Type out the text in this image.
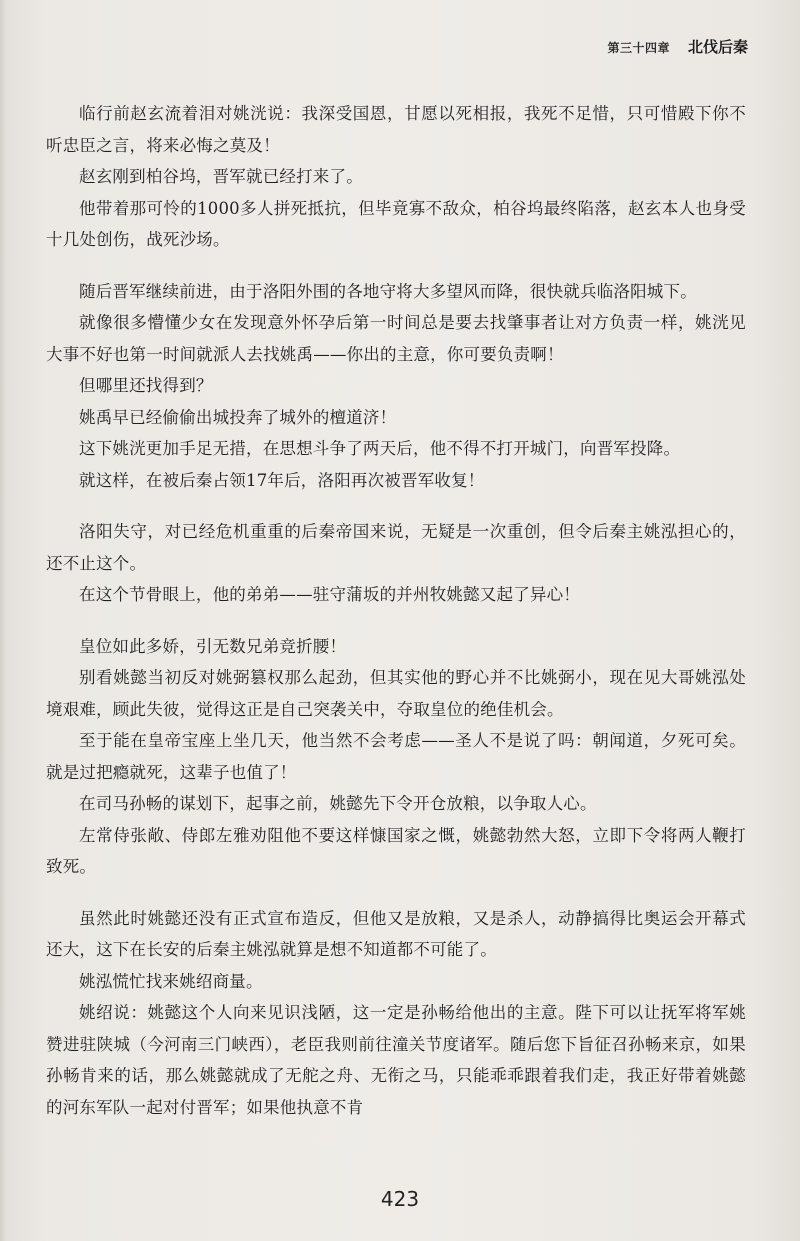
第三十四章 北伐后秦

临行前赵玄流着泪对姚洸说：我深受国恩，甘愿以死相报，我死不足惜，只可惜殿下你不听忠臣之言，将来必悔之莫及！

赵玄刚到柏谷坞，晋军就已经打来了。

他带着那可怜的1000多人拼死抵抗，但毕竟寡不敌众，柏谷坞最终陷落，赵玄本人也身受十几处创伤，战死沙场。

随后晋军继续前进，由于洛阳外围的各地守将大多望风而降，很快就兵临洛阳城下。

就像很多懵懂少女在发现意外怀孕后第一时间总是要去找肇事者让对方负责一样，姚洸见大事不好也第一时间就派人去找姚禹——你出的主意，你可要负责啊！

但哪里还找得到？

姚禹早已经偷偷出城投奔了城外的檀道济！

这下姚洸更加手足无措，在思想斗争了两天后，他不得不打开城门，向晋军投降。

就这样，在被后秦占领17年后，洛阳再次被晋军收复！

洛阳失守，对已经危机重重的后秦帝国来说，无疑是一次重创，但令后秦主姚泓担心的，还不止这个。

在这个节骨眼上，他的弟弟——驻守蒲坂的并州牧姚懿又起了异心！

皇位如此多娇，引无数兄弟竞折腰！

别看姚懿当初反对姚弼篡权那么起劲，但其实他的野心并不比姚弼小，现在见大哥姚泓处境艰难，顾此失彼，觉得这正是自己突袭关中，夺取皇位的绝佳机会。

至于能在皇帝宝座上坐几天，他当然不会考虑——圣人不是说了吗：朝闻道，夕死可矣。就是过把瘾就死，这辈子也值了！

在司马孙畅的谋划下，起事之前，姚懿先下令开仓放粮，以争取人心。

左常侍张敞、侍郎左雅劝阻他不要这样慷国家之慨，姚懿勃然大怒，立即下令将两人鞭打致死。

虽然此时姚懿还没有正式宣布造反，但他又是放粮，又是杀人，动静搞得比奥运会开幕式还大，这下在长安的后秦主姚泓就算是想不知道都不可能了。

姚泓慌忙找来姚绍商量。

姚绍说：姚懿这个人向来见识浅陋，这一定是孙畅给他出的主意。陛下可以让抚军将军姚赞进驻陕城（今河南三门峡西），老臣我则前往潼关节度诸军。随后您下旨征召孙畅来京，如果孙畅肯来的话，那么姚懿就成了无舵之舟、无衔之马，只能乖乖跟着我们走，我正好带着姚懿的河东军队一起对付晋军；如果他执意不肯

423
